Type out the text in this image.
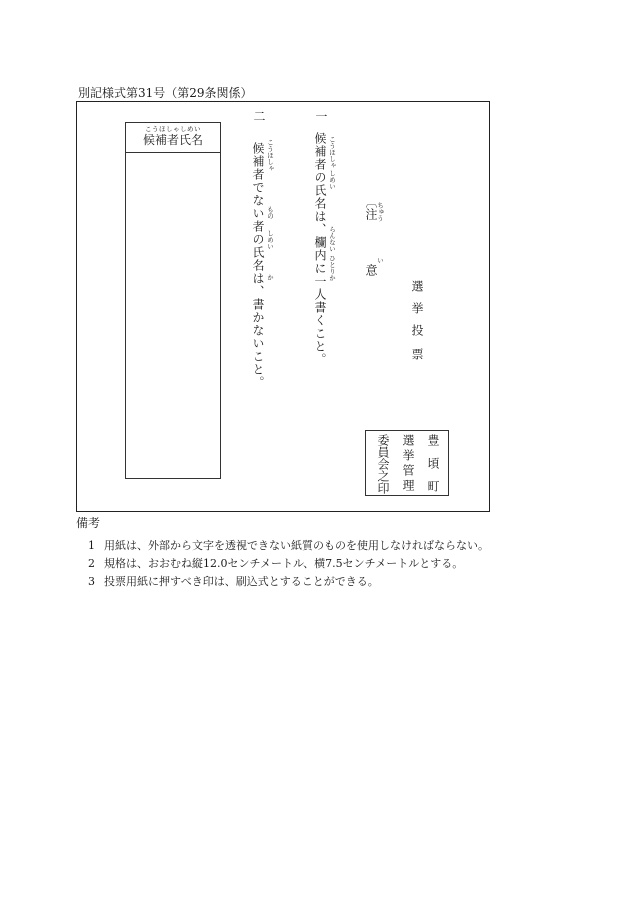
別記様式第31号（第29条関係）
こうほしゃしめい
候補者氏名
二
候補者でない者の氏名は、書かないこと。 こうほしゃ
もの
しめい
か
一
候補者の氏名は、欄内に一人書くこと。 こうほしゃ
しめい
らんない
ひとりか
〔
注
ちゅう
意
い
選
挙
投
票
豊頃町
選挙管理
委員会之印
備考
1 用紙は、外部から文字を透視できない紙質のものを使用しなければならない。
2 規格は、おおむね縦12.0センチメートル、横7.5センチメートルとする。
3 投票用紙に押すべき印は、刷込式とすることができる。
